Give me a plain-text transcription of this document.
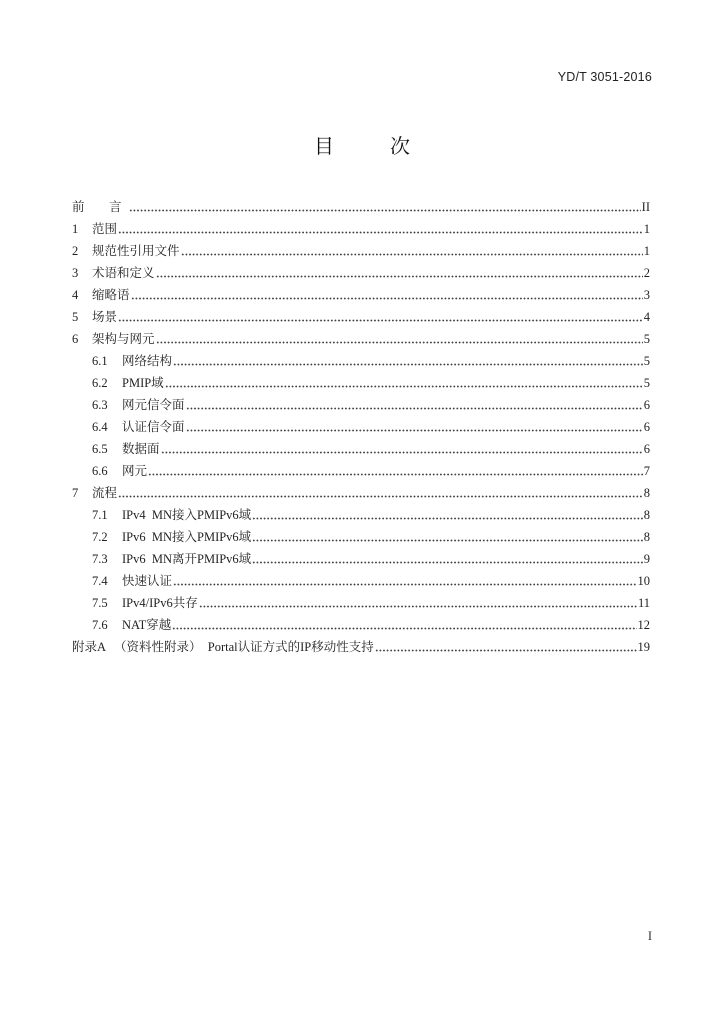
YD/T 3051-2016
目　次
前　言	II
1	范围	1
2	规范性引用文件	1
3	术语和定义	2
4	缩略语	3
5	场景	4
6	架构与网元	5
6.1	网络结构	5
6.2	PMIP域	5
6.3	网元信令面	6
6.4	认证信令面	6
6.5	数据面	6
6.6	网元	7
7	流程	8
7.1	IPv4  MN接入PMIPv6域	8
7.2	IPv6  MN接入PMIPv6域	8
7.3	IPv6  MN离开PMIPv6域	9
7.4	快速认证	10
7.5	IPv4/IPv6共存	11
7.6	NAT穿越	12
附录A （资料性附录）  Portal认证方式的IP移动性支持	19
I
